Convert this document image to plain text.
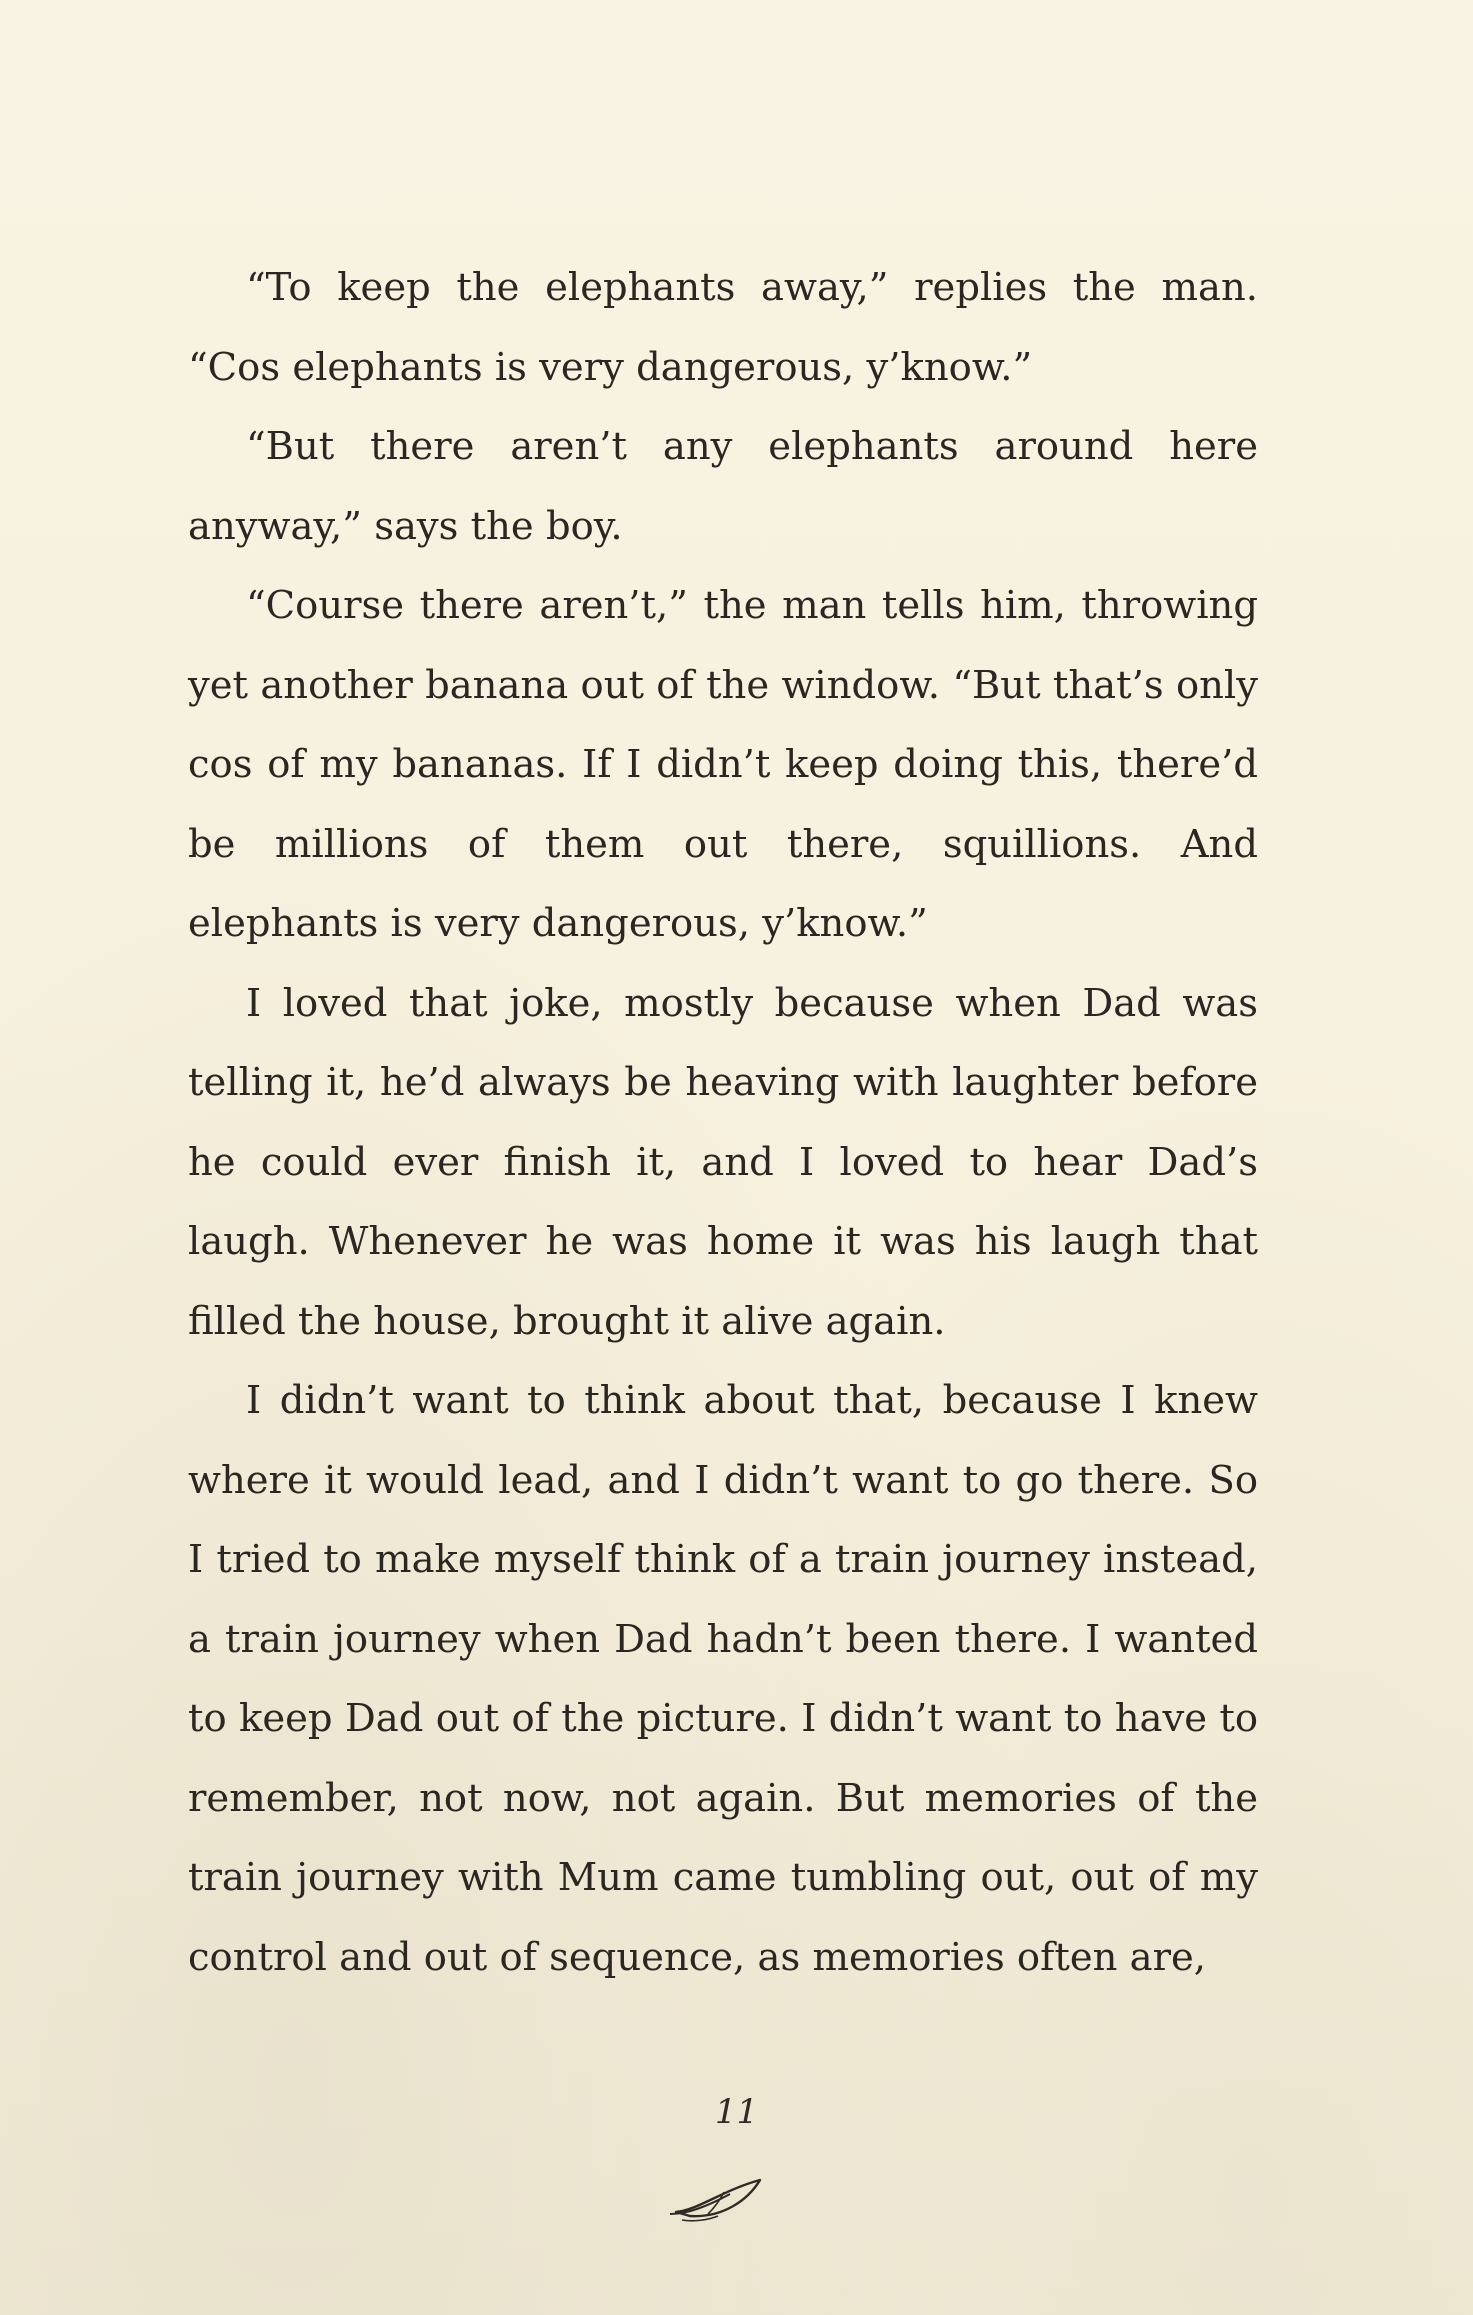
“To keep the elephants away,” replies the man. “Cos elephants is very dangerous, y’know.”

“But there aren’t any elephants around here anyway,” says the boy.

“Course there aren’t,” the man tells him, throwing yet another banana out of the window. “But that’s only cos of my bananas. If I didn’t keep doing this, there’d be millions of them out there, squillions. And elephants is very dangerous, y’know.”

I loved that joke, mostly because when Dad was telling it, he’d always be heaving with laughter before he could ever finish it, and I loved to hear Dad’s laugh. Whenever he was home it was his laugh that filled the house, brought it alive again.

I didn’t want to think about that, because I knew where it would lead, and I didn’t want to go there. So I tried to make myself think of a train journey instead, a train journey when Dad hadn’t been there. I wanted to keep Dad out of the picture. I didn’t want to have to remember, not now, not again. But memories of the train journey with Mum came tumbling out, out of my control and out of sequence, as memories often are,

11
